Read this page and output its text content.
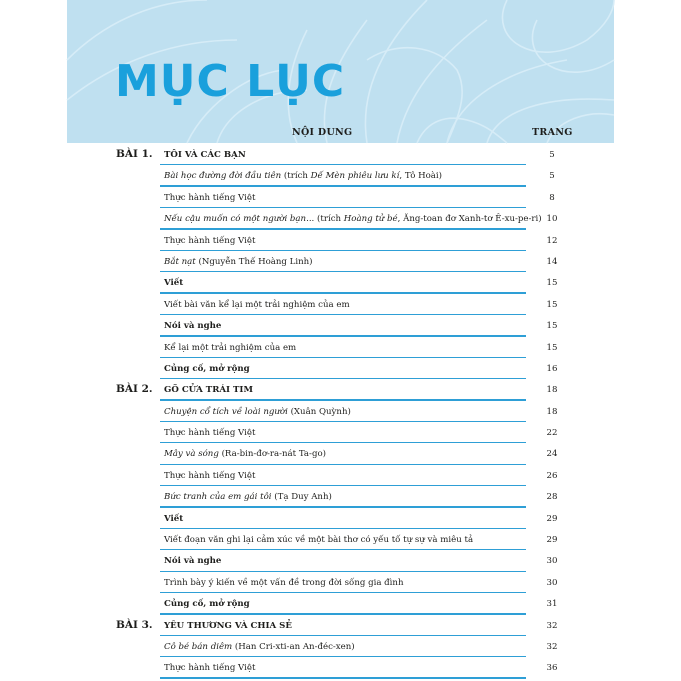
MỤC LỤC
NỘI DUNG	TRANG
BÀI 1. TÔI VÀ CÁC BẠN	5
Bài học đường đời đầu tiên (trích Dế Mèn phiêu lưu kí, Tô Hoài)	5
Thực hành tiếng Việt	8
Nếu cậu muốn có một người bạn... (trích Hoàng tử bé, Ăng-toan đơ Xanh-tơ Ê-xu-pe-ri) 10
Thực hành tiếng Việt	12
Bắt nạt (Nguyễn Thế Hoàng Linh)	14
Viết	15
Viết bài văn kể lại một trải nghiệm của em	15
Nói và nghe	15
Kể lại một trải nghiệm của em	15
Củng cố, mở rộng	16
BÀI 2. GÕ CỬA TRÁI TIM	18
Chuyện cổ tích về loài người (Xuân Quỳnh)	18
Thực hành tiếng Việt	22
Mây và sóng (Ra-bin-đơ-ra-nát Ta-go)	24
Thực hành tiếng Việt	26
Bức tranh của em gái tôi (Tạ Duy Anh)	28
Viết	29
Viết đoạn văn ghi lại cảm xúc về một bài thơ có yếu tố tự sự và miêu tả	29
Nói và nghe	30
Trình bày ý kiến về một vấn đề trong đời sống gia đình	30
Củng cố, mở rộng	31
BÀI 3. YÊU THƯƠNG VÀ CHIA SẺ	32
Cô bé bán diêm (Han Cri-xti-an An-đéc-xen)	32
Thực hành tiếng Việt	36
